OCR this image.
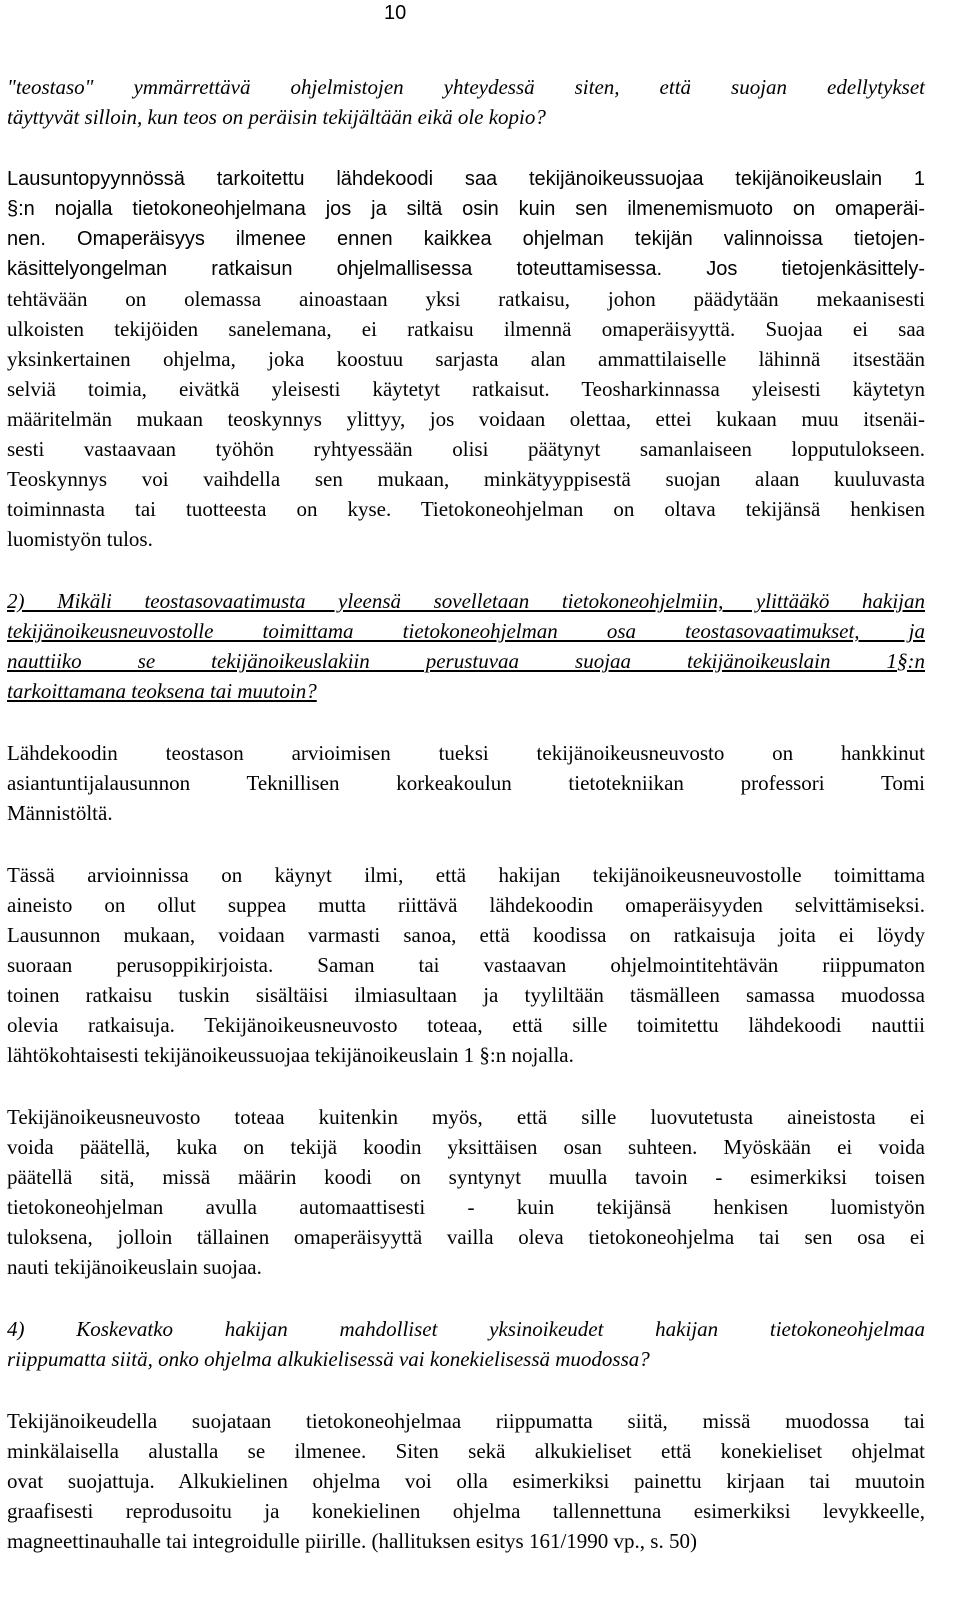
10
"teostaso" ymmärrettävä ohjelmistojen yhteydessä siten, että suojan edellytykset
täyttyvät silloin, kun teos on peräisin tekijältään eikä ole kopio?
Lausuntopyynnössä tarkoitettu lähdekoodi saa tekijänoikeussuojaa tekijänoikeuslain 1
§:n nojalla tietokoneohjelmana jos ja siltä osin kuin sen ilmenemismuoto on omaperäi-
nen. Omaperäisyys ilmenee ennen kaikkea ohjelman tekijän valinnoissa tietojen-
käsittelyongelman ratkaisun ohjelmallisessa toteuttamisessa. Jos tietojenkäsittely-
tehtävään on olemassa ainoastaan yksi ratkaisu, johon päädytään mekaanisesti
ulkoisten tekijöiden sanelemana, ei ratkaisu ilmennä omaperäisyyttä. Suojaa ei saa
yksinkertainen ohjelma, joka koostuu sarjasta alan ammattilaiselle lähinnä itsestään
selviä toimia, eivätkä yleisesti käytetyt ratkaisut. Teosharkinnassa yleisesti käytetyn
määritelmän mukaan teoskynnys ylittyy, jos voidaan olettaa, ettei kukaan muu itsenäi-
sesti vastaavaan työhön ryhtyessään olisi päätynyt samanlaiseen lopputulokseen.
Teoskynnys voi vaihdella sen mukaan, minkätyyppisestä suojan alaan kuuluvasta
toiminnasta tai tuotteesta on kyse. Tietokoneohjelman on oltava tekijänsä henkisen
luomistyön tulos.
2) Mikäli teostasovaatimusta yleensä sovelletaan tietokoneohjelmiin, ylittääkö hakijan
tekijänoikeusneuvostolle toimittama tietokoneohjelman osa teostasovaatimukset, ja
nauttiiko se tekijänoikeuslakiin perustuvaa suojaa tekijänoikeuslain 1§:n
tarkoittamana teoksena tai muutoin?
Lähdekoodin teostason arvioimisen tueksi tekijänoikeusneuvosto on hankkinut
asiantuntijalausunnon Teknillisen korkeakoulun tietotekniikan professori Tomi
Männistöltä.
Tässä arvioinnissa on käynyt ilmi, että hakijan tekijänoikeusneuvostolle toimittama
aineisto on ollut suppea mutta riittävä lähdekoodin omaperäisyyden selvittämiseksi.
Lausunnon mukaan, voidaan varmasti sanoa, että koodissa on ratkaisuja joita ei löydy
suoraan perusoppikirjoista. Saman tai vastaavan ohjelmointitehtävän riippumaton
toinen ratkaisu tuskin sisältäisi ilmiasultaan ja tyyliltään täsmälleen samassa muodossa
olevia ratkaisuja. Tekijänoikeusneuvosto toteaa, että sille toimitettu lähdekoodi nauttii
lähtökohtaisesti tekijänoikeussuojaa tekijänoikeuslain 1 §:n nojalla.
Tekijänoikeusneuvosto toteaa kuitenkin myös, että sille luovutetusta aineistosta ei
voida päätellä, kuka on tekijä koodin yksittäisen osan suhteen. Myöskään ei voida
päätellä sitä, missä määrin koodi on syntynyt muulla tavoin - esimerkiksi toisen
tietokoneohjelman avulla automaattisesti - kuin tekijänsä henkisen luomistyön
tuloksena, jolloin tällainen omaperäisyyttä vailla oleva tietokoneohjelma tai sen osa ei
nauti tekijänoikeuslain suojaa.
4) Koskevatko hakijan mahdolliset yksinoikeudet hakijan tietokoneohjelmaa
riippumatta siitä, onko ohjelma alkukielisessä vai konekielisessä muodossa?
Tekijänoikeudella suojataan tietokoneohjelmaa riippumatta siitä, missä muodossa tai
minkälaisella alustalla se ilmenee. Siten sekä alkukieliset että konekieliset ohjelmat
ovat suojattuja. Alkukielinen ohjelma voi olla esimerkiksi painettu kirjaan tai muutoin
graafisesti reprodusoitu ja konekielinen ohjelma tallennettuna esimerkiksi levykkeelle,
magneettinauhalle tai integroidulle piirille. (hallituksen esitys 161/1990 vp., s. 50)
